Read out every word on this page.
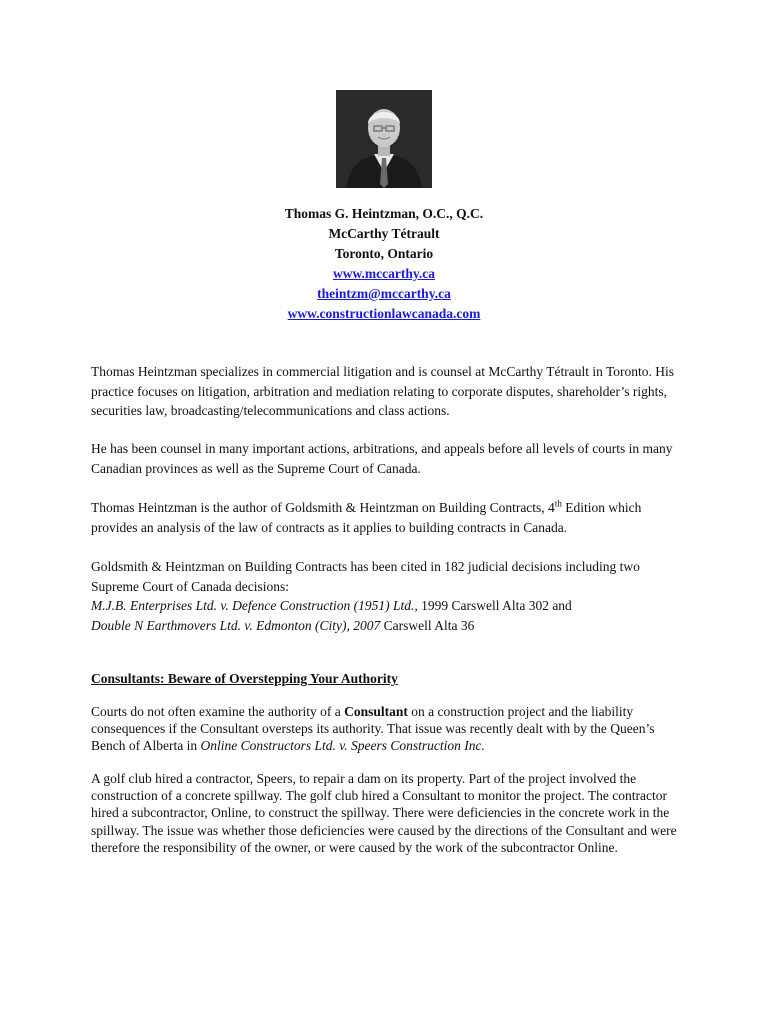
Thomas G. Heintzman, O.C., Q.C.
McCarthy Tétrault
Toronto, Ontario
www.mccarthy.ca
theintzm@mccarthy.ca
www.constructionlawcanada.com
Thomas Heintzman specializes in commercial litigation and is counsel at McCarthy Tétrault in Toronto. His practice focuses on litigation, arbitration and mediation relating to corporate disputes, shareholder’s rights, securities law, broadcasting/telecommunications and class actions.
He has been counsel in many important actions, arbitrations, and appeals before all levels of courts in many Canadian provinces as well as the Supreme Court of Canada.
Thomas Heintzman is the author of Goldsmith & Heintzman on Building Contracts, 4th Edition which provides an analysis of the law of contracts as it applies to building contracts in Canada.
Goldsmith & Heintzman on Building Contracts has been cited in 182 judicial decisions including two Supreme Court of Canada decisions:
M.J.B. Enterprises Ltd. v. Defence Construction (1951) Ltd., 1999 Carswell Alta 302 and
Double N Earthmovers Ltd. v. Edmonton (City), 2007 Carswell Alta 36
Consultants: Beware of Overstepping Your Authority
Courts do not often examine the authority of a Consultant on a construction project and the liability consequences if the Consultant oversteps its authority. That issue was recently dealt with by the Queen’s Bench of Alberta in Online Constructors Ltd. v. Speers Construction Inc.
A golf club hired a contractor, Speers, to repair a dam on its property. Part of the project involved the construction of a concrete spillway. The golf club hired a Consultant to monitor the project. The contractor hired a subcontractor, Online, to construct the spillway. There were deficiencies in the concrete work in the spillway. The issue was whether those deficiencies were caused by the directions of the Consultant and were therefore the responsibility of the owner, or were caused by the work of the subcontractor Online.
